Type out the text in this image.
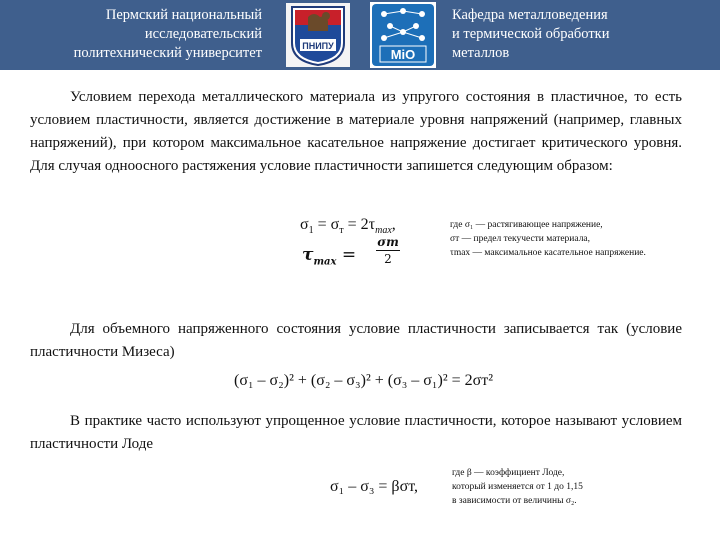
Пермский национальный
исследовательский
политехнический университет	ПНИПУ
MiO
Кафедра металловедения
и термической обработки
металлов
Условием перехода металлического материала из упругого состояния в пластичное, то есть условием пластичности, является достижение в материале уровня напряжений (например, главных напряжений), при котором максимальное касательное напряжение достигает критического уровня. Для случая одноосного растяжения условие пластичности запишется следующим образом:
$\sigma_1 = \sigma_т = 2\tau_{max}$,
$\tau_{max}$ =
σт
2
где σ₁ — растягивающее напряжение,
σт — предел текучести материала,
τmax — максимальное касательное напряжение.
Для объемного напряженного состояния условие пластичности записывается так (условие пластичности Мизеса)
(σ₁ – σ₂)² + (σ₂ – σ₃)² + (σ₃ – σ₁)² = 2σт²
В практике часто используют упрощенное условие пластичности, которое называют условием пластичности Лоде
σ₁ – σ₃ = βσт,
где β — коэффициент Лоде,
который изменяется от 1 до 1,15
в зависимости от величины σ₂.
